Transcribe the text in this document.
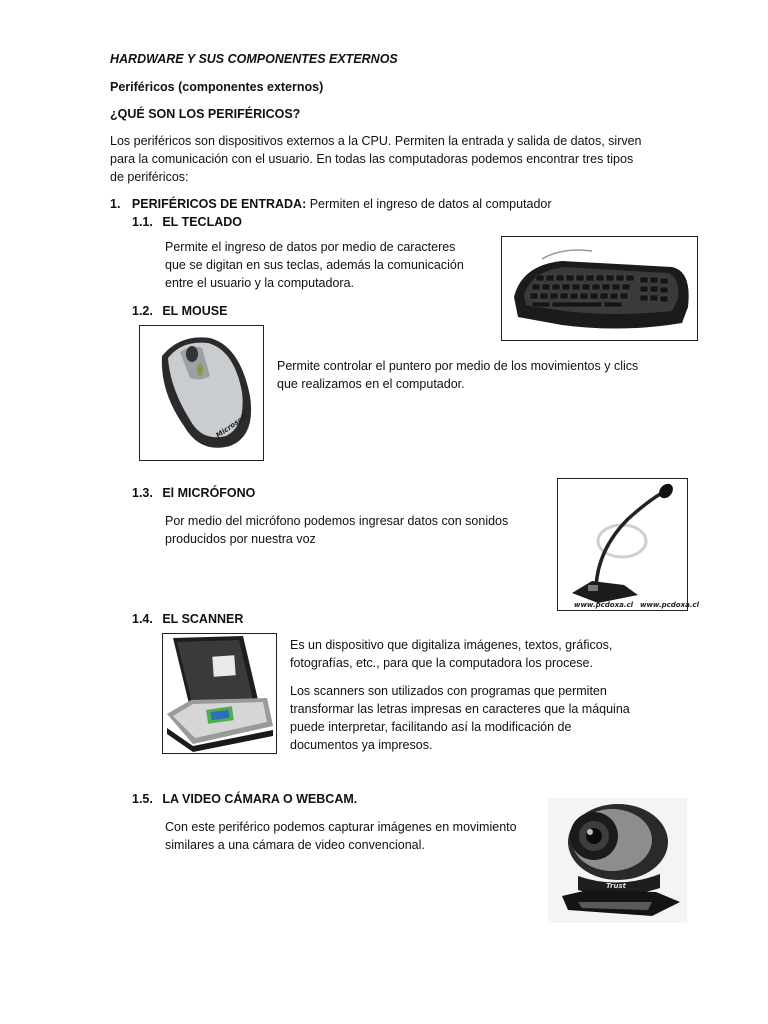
HARDWARE Y SUS COMPONENTES EXTERNOS

Periféricos (componentes externos)

¿QUÉ SON LOS PERIFÉRICOS?

Los periféricos son dispositivos externos a la CPU. Permiten la entrada y salida de datos, sirven
para la comunicación con el usuario. En todas las computadoras podemos encontrar tres tipos
de periféricos:

1. PERIFÉRICOS DE ENTRADA: Permiten el ingreso de datos al computador

1.1. EL TECLADO

Permite el ingreso de datos por medio de caracteres
que se digitan en sus teclas, además la comunicación
entre el usuario y la computadora.

1.2. EL MOUSE

Microsoft
Permite controlar el puntero por medio de los movimientos y clics
que realizamos en el computador.

1.3. El MICRÓFONO

Por medio del micrófono podemos ingresar datos con sonidos
producidos por nuestra voz
www.pcdoxa.cl www.pcdoxa.cl

1.4. EL SCANNER

Es un dispositivo que digitaliza imágenes, textos, gráficos,
fotografías, etc., para que la computadora los procese.
Los scanners son utilizados con programas que permiten
transformar las letras impresas en caracteres que la máquina
puede interpretar, facilitando así la modificación de
documentos ya impresos.

1.5. LA VIDEO CÁMARA O WEBCAM.

Con este periférico podemos capturar imágenes en movimiento
similares a una cámara de video convencional.
Trust
